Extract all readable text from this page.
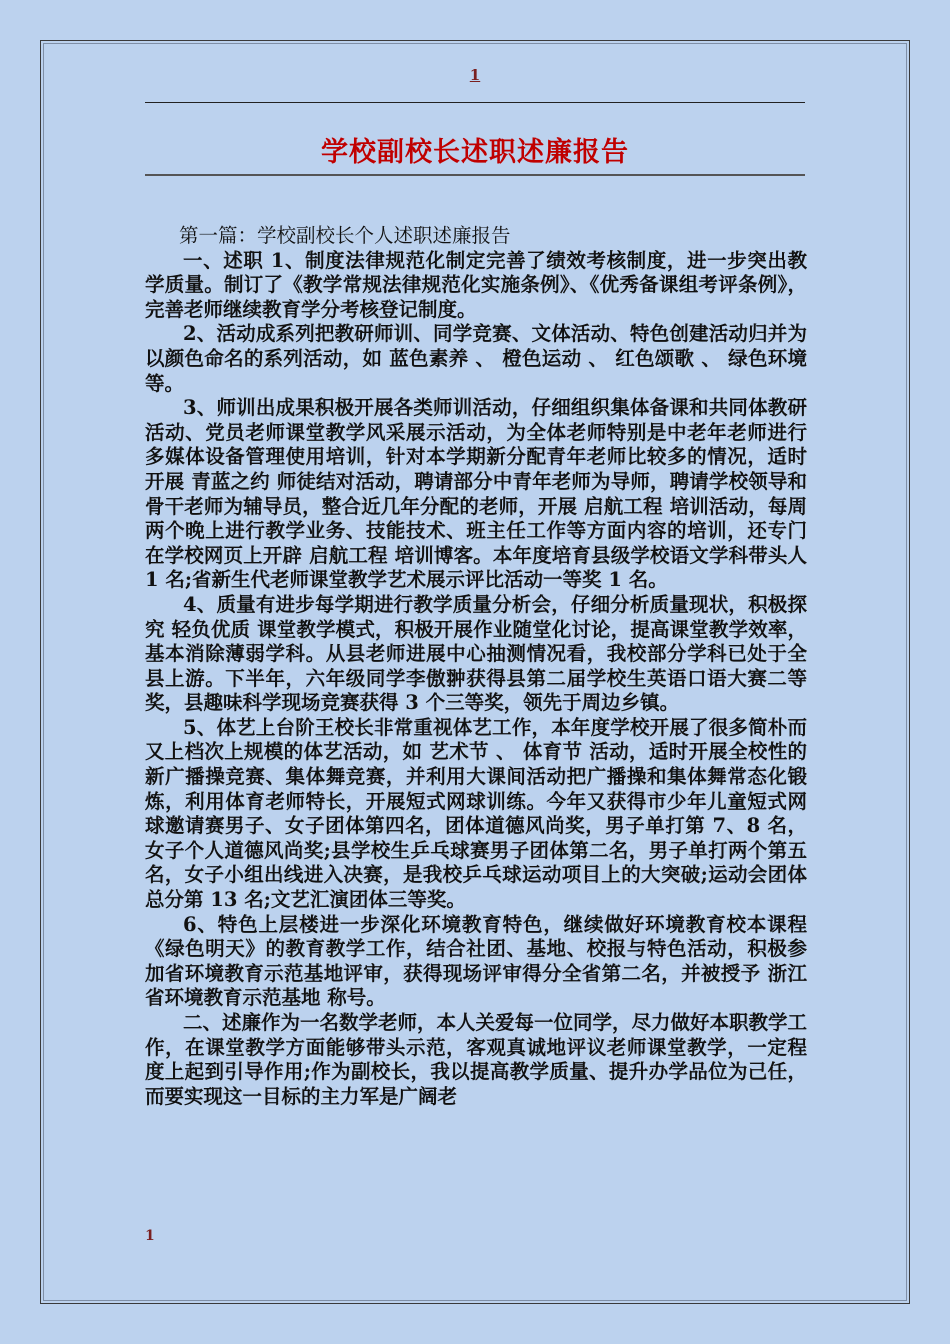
1
学校副校长述职述廉报告

第一篇：学校副校长个人述职述廉报告

一、述职 1、制度法律规范化制定完善了绩效考核制度，进一步突出教学质量。制订了《教学常规法律规范化实施条例》、《优秀备课组考评条例》，完善老师继续教育学分考核登记制度。

2、活动成系列把教研师训、同学竞赛、文体活动、特色创建活动归并为以颜色命名的系列活动，如 蓝色素养 、 橙色运动 、 红色颂歌 、 绿色环境 等。

3、师训出成果积极开展各类师训活动，仔细组织集体备课和共同体教研活动、党员老师课堂教学风采展示活动，为全体老师特别是中老年老师进行多媒体设备管理使用培训，针对本学期新分配青年老师比较多的情况，适时开展 青蓝之约 师徒结对活动，聘请部分中青年老师为导师，聘请学校领导和骨干老师为辅导员，整合近几年分配的老师，开展 启航工程 培训活动，每周两个晚上进行教学业务、技能技术、班主任工作等方面内容的培训，还专门在学校网页上开辟 启航工程 培训博客。本年度培育县级学校语文学科带头人 1 名;省新生代老师课堂教学艺术展示评比活动一等奖 1 名。

4、质量有进步每学期进行教学质量分析会，仔细分析质量现状，积极探究 轻负优质 课堂教学模式，积极开展作业随堂化讨论，提高课堂教学效率，基本消除薄弱学科。从县老师进展中心抽测情况看，我校部分学科已处于全县上游。下半年，六年级同学李傲翀获得县第二届学校生英语口语大赛二等奖，县趣味科学现场竞赛获得 3 个三等奖，领先于周边乡镇。

5、体艺上台阶王校长非常重视体艺工作，本年度学校开展了很多简朴而又上档次上规模的体艺活动，如 艺术节 、 体育节 活动，适时开展全校性的新广播操竞赛、集体舞竞赛，并利用大课间活动把广播操和集体舞常态化锻炼，利用体育老师特长，开展短式网球训练。今年又获得市少年儿童短式网球邀请赛男子、女子团体第四名，团体道德风尚奖，男子单打第 7、8 名，女子个人道德风尚奖;县学校生乒乓球赛男子团体第二名，男子单打两个第五名，女子小组出线进入决赛，是我校乒乓球运动项目上的大突破;运动会团体总分第 13 名;文艺汇演团体三等奖。

6、特色上层楼进一步深化环境教育特色，继续做好环境教育校本课程《绿色明天》的教育教学工作，结合社团、基地、校报与特色活动，积极参加省环境教育示范基地评审，获得现场评审得分全省第二名，并被授予 浙江省环境教育示范基地 称号。

二、述廉作为一名数学老师，本人关爱每一位同学，尽力做好本职教学工作，在课堂教学方面能够带头示范，客观真诚地评议老师课堂教学，一定程度上起到引导作用;作为副校长，我以提高教学质量、提升办学品位为己任，而要实现这一目标的主力军是广阔老

1
